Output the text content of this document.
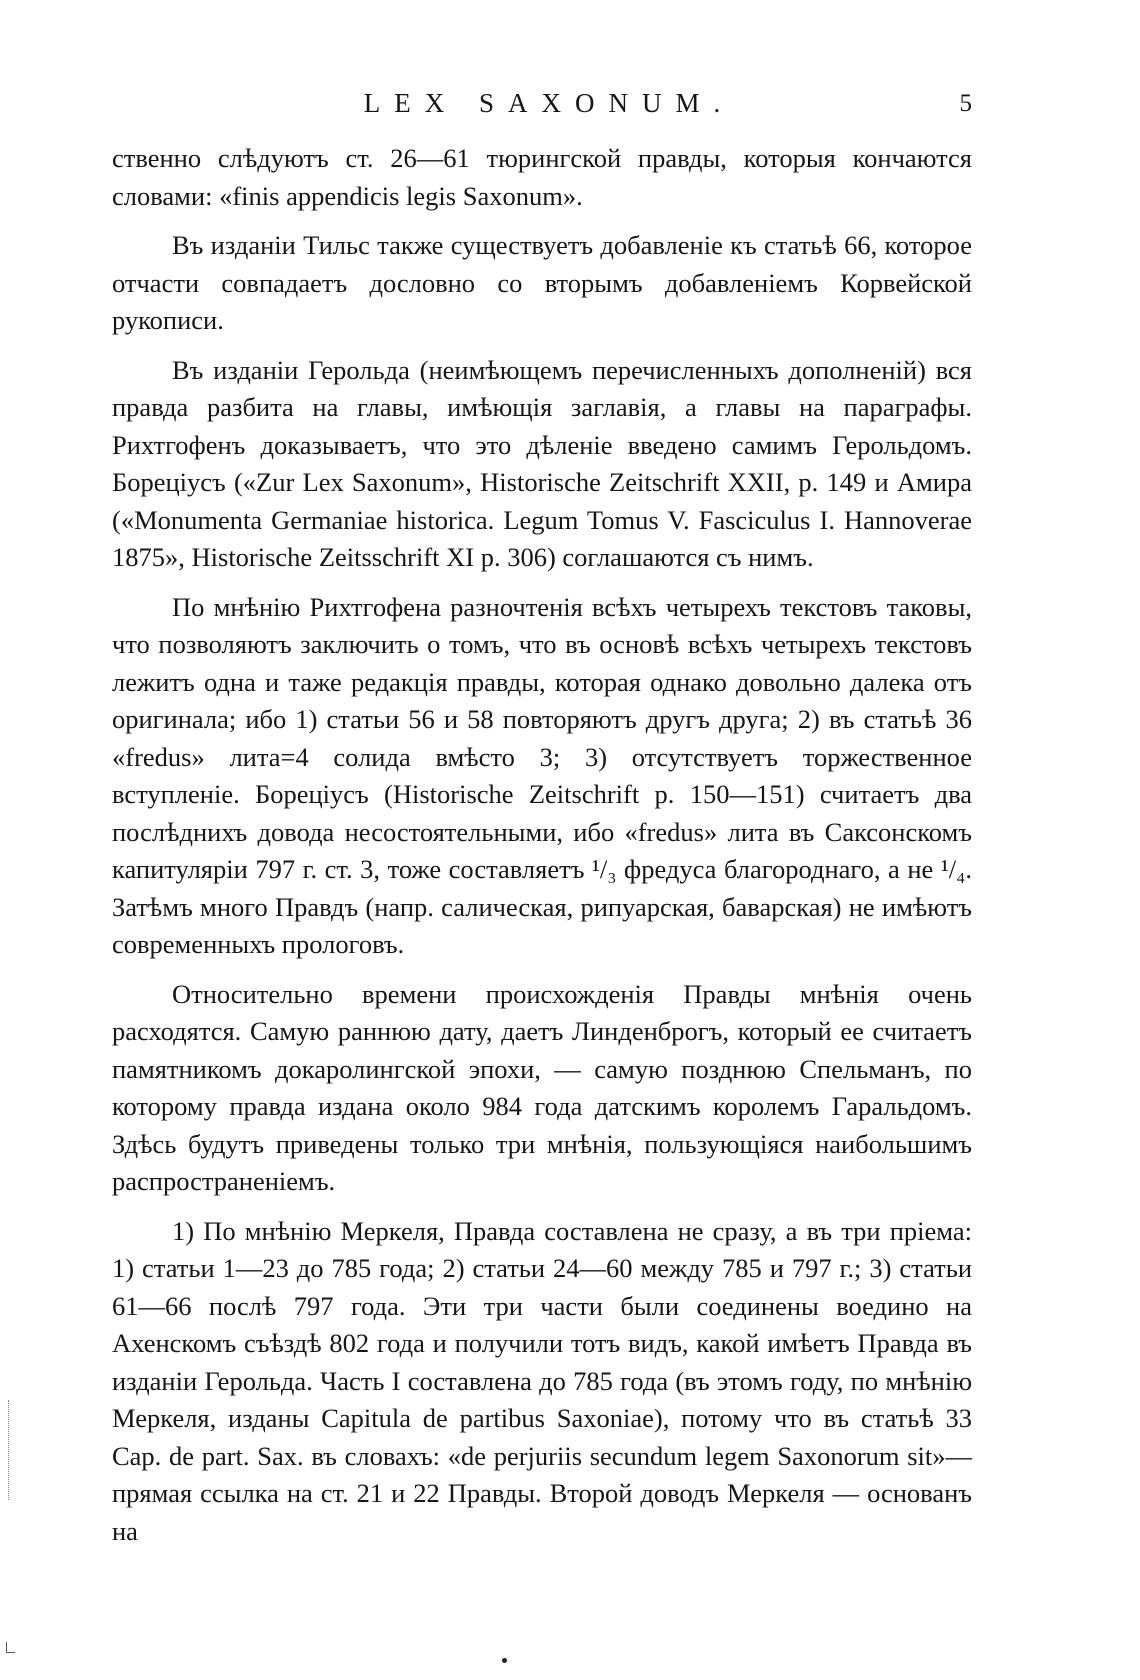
LEX SAXONUM.	5

ственно слѣдуютъ ст. 26—61 тюрингской правды, которыя кончаются словами: «finis appendicis legis Saxonum».

Въ изданіи Тильс также существуетъ добавленіе къ статьѣ 66, которое отчасти совпадаетъ дословно со вторымъ добавленіемъ Корвейской рукописи.

Въ изданіи Герольда (неимѣющемъ перечисленныхъ дополненій) вся правда разбита на главы, имѣющія заглавія, а главы на параграфы. Рихтгофенъ доказываетъ, что это дѣленіе введено самимъ Герольдомъ. Борецiусъ («Zur Lex Saxonum», Historische Zeitschrift XXII, p. 149 и Амира («Monumenta Germaniae historica. Legum Tomus V. Fasciculus I. Hannoverae 1875», Historische Zeitsschrift XI p. 306) соглашаются съ нимъ.

По мнѣнію Рихтгофена разночтенія всѣхъ четырехъ текстовъ таковы, что позволяютъ заключить о томъ, что въ основѣ всѣхъ четырехъ текстовъ лежитъ одна и таже редакція правды, которая однако довольно далека отъ оригинала; ибо 1) статьи 56 и 58 повторяютъ другъ друга; 2) въ статьѣ 36 «fredus» лита=4 солида вмѣсто 3; 3) отсутствуетъ торжественное вступленіе. Борецiусъ (Historische Zeitschrift p. 150—151) считаетъ два послѣднихъ довода несостоятельными, ибо «fredus» лита въ Саксонскомъ капитуляріи 797 г. ст. 3, тоже составляетъ ¹/₃ фредуса благороднаго, а не ¹/₄. Затѣмъ много Правдъ (напр. салическая, рипуарская, баварская) не имѣютъ современныхъ прологовъ.

Относительно времени происхожденія Правды мнѣнія очень расходятся. Самую раннюю дату, даетъ Линденброгъ, который ее считаетъ памятникомъ докаролингской эпохи, — самую позднюю Спельманъ, по которому правда издана около 984 года датскимъ королемъ Гаральдомъ. Здѣсь будутъ приведены только три мнѣнія, пользующіяся наибольшимъ распространеніемъ.

1) По мнѣнію Меркеля, Правда составлена не сразу, а въ три пріема: 1) статьи 1—23 до 785 года; 2) статьи 24—60 между 785 и 797 г.; 3) статьи 61—66 послѣ 797 года. Эти три части были соединены воедино на Ахенскомъ съѣздѣ 802 года и получили тотъ видъ, какой имѣетъ Правда въ изданіи Герольда. Часть I составлена до 785 года (въ этомъ году, по мнѣнію Меркеля, изданы Capitula de partibus Saxoniae), потому что въ статьѣ 33 Cap. de part. Sax. въ словахъ: «de perjuriis secundum legem Saxonorum sit»—прямая ссылка на ст. 21 и 22 Правды. Второй доводъ Меркеля — основанъ на
